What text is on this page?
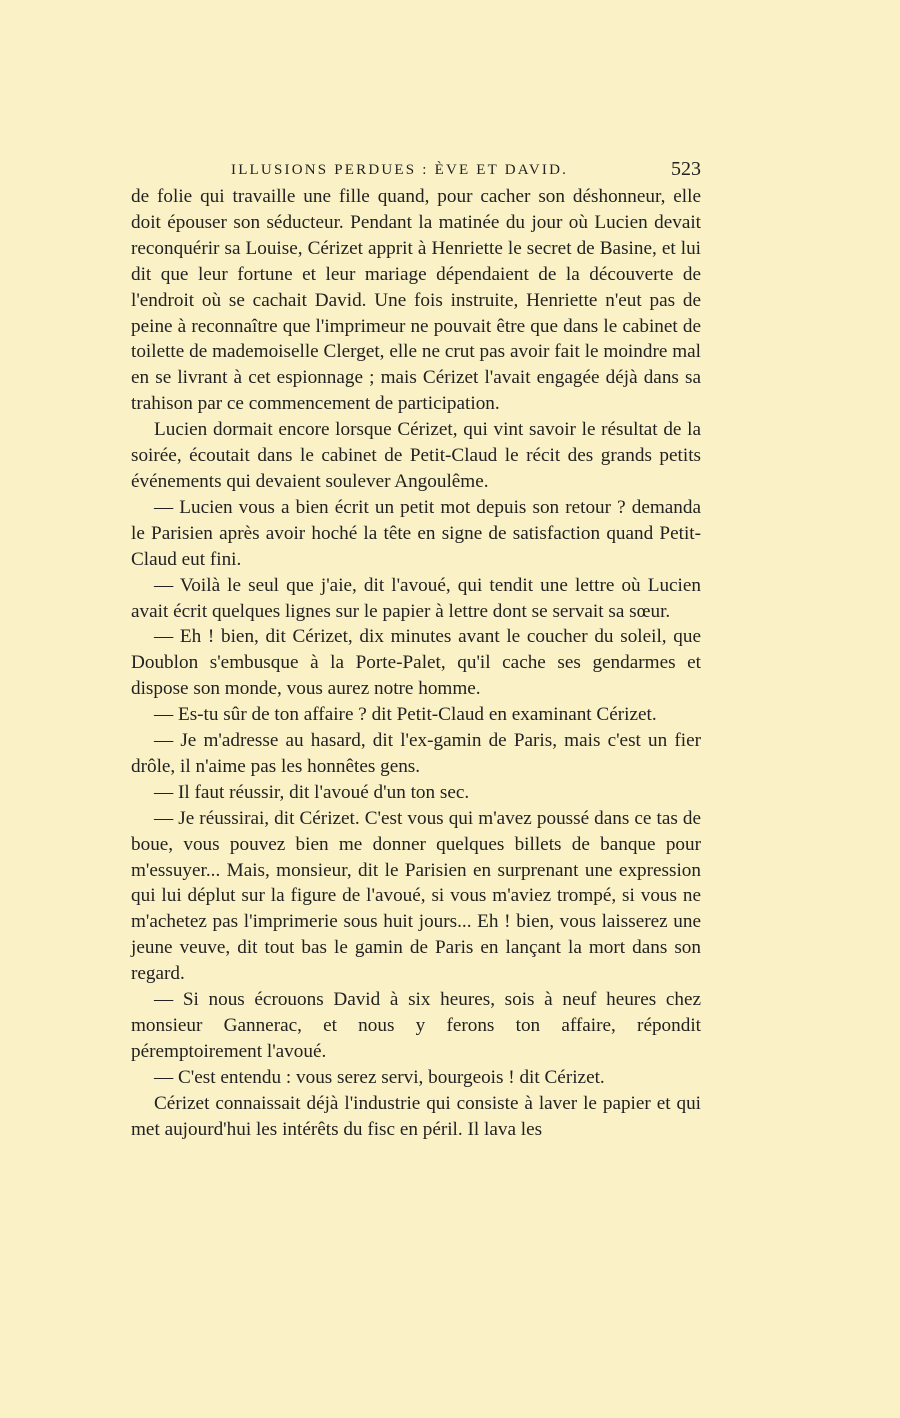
ILLUSIONS PERDUES : ÈVE ET DAVID.	523

de folie qui travaille une fille quand, pour cacher son déshonneur, elle doit épouser son séducteur. Pendant la matinée du jour où Lucien devait reconquérir sa Louise, Cérizet apprit à Henriette le secret de Basine, et lui dit que leur fortune et leur mariage dépendaient de la découverte de l'endroit où se cachait David. Une fois instruite, Henriette n'eut pas de peine à reconnaître que l'imprimeur ne pouvait être que dans le cabinet de toilette de mademoiselle Clerget, elle ne crut pas avoir fait le moindre mal en se livrant à cet espionnage ; mais Cérizet l'avait engagée déjà dans sa trahison par ce commencement de participation.

Lucien dormait encore lorsque Cérizet, qui vint savoir le résultat de la soirée, écoutait dans le cabinet de Petit-Claud le récit des grands petits événements qui devaient soulever Angoulême.

— Lucien vous a bien écrit un petit mot depuis son retour ? demanda le Parisien après avoir hoché la tête en signe de satisfaction quand Petit-Claud eut fini.

— Voilà le seul que j'aie, dit l'avoué, qui tendit une lettre où Lucien avait écrit quelques lignes sur le papier à lettre dont se servait sa sœur.

— Eh ! bien, dit Cérizet, dix minutes avant le coucher du soleil, que Doublon s'embusque à la Porte-Palet, qu'il cache ses gendarmes et dispose son monde, vous aurez notre homme.

— Es-tu sûr de ton affaire ? dit Petit-Claud en examinant Cérizet.

— Je m'adresse au hasard, dit l'ex-gamin de Paris, mais c'est un fier drôle, il n'aime pas les honnêtes gens.

— Il faut réussir, dit l'avoué d'un ton sec.

— Je réussirai, dit Cérizet. C'est vous qui m'avez poussé dans ce tas de boue, vous pouvez bien me donner quelques billets de banque pour m'essuyer... Mais, monsieur, dit le Parisien en surprenant une expression qui lui déplut sur la figure de l'avoué, si vous m'aviez trompé, si vous ne m'achetez pas l'imprimerie sous huit jours... Eh ! bien, vous laisserez une jeune veuve, dit tout bas le gamin de Paris en lançant la mort dans son regard.

— Si nous écrouons David à six heures, sois à neuf heures chez monsieur Gannerac, et nous y ferons ton affaire, répondit péremptoirement l'avoué.

— C'est entendu : vous serez servi, bourgeois ! dit Cérizet.

Cérizet connaissait déjà l'industrie qui consiste à laver le papier et qui met aujourd'hui les intérêts du fisc en péril. Il lava les
